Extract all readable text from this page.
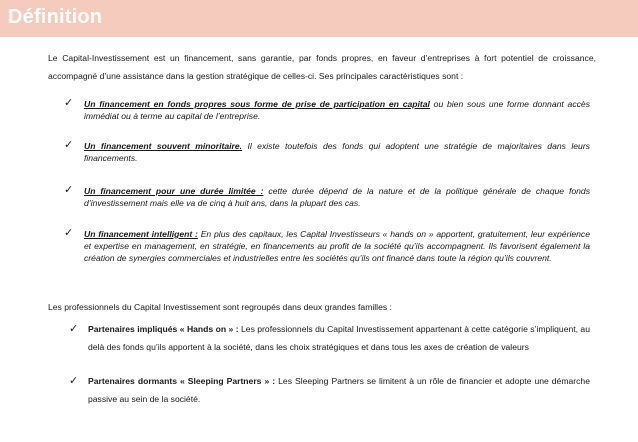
Définition
Le Capital-Investissement est un financement, sans garantie, par fonds propres, en faveur d’entreprises à fort potentiel de croissance, accompagné d’une assistance dans la gestion stratégique de celles-ci. Ses principales caractéristiques sont :
✓ Un financement en fonds propres sous forme de prise de participation en capital ou bien sous une forme donnant accès immédiat ou à terme au capital de l’entreprise.
✓ Un financement souvent minoritaire. Il existe toutefois des fonds qui adoptent une stratégie de majoritaires dans leurs financements.
✓ Un financement pour une durée limitée : cette durée dépend de la nature et de la politique générale de chaque fonds d’investissement mais elle va de cinq à huit ans, dans la plupart des cas.
✓ Un financement intelligent : En plus des capitaux, les Capital Investisseurs « hands on » apportent, gratuitement, leur expérience et expertise en management, en stratégie, en financements au profit de la société qu’ils accompagnent. Ils favorisent également la création de synergies commerciales et industrielles entre les sociétés qu’ils ont financé dans toute la région qu’ils couvrent.
Les professionnels du Capital Investissement sont regroupés dans deux grandes familles :
✓ Partenaires impliqués « Hands on » : Les professionnels du Capital Investissement appartenant à cette catégorie s’impliquent, au delà des fonds qu’ils apportent à la société, dans les choix stratégiques et dans tous les axes de création de valeurs
✓ Partenaires dormants « Sleeping Partners » : Les Sleeping Partners se limitent à un rôle de financier et adopte une démarche passive au sein de la société.
